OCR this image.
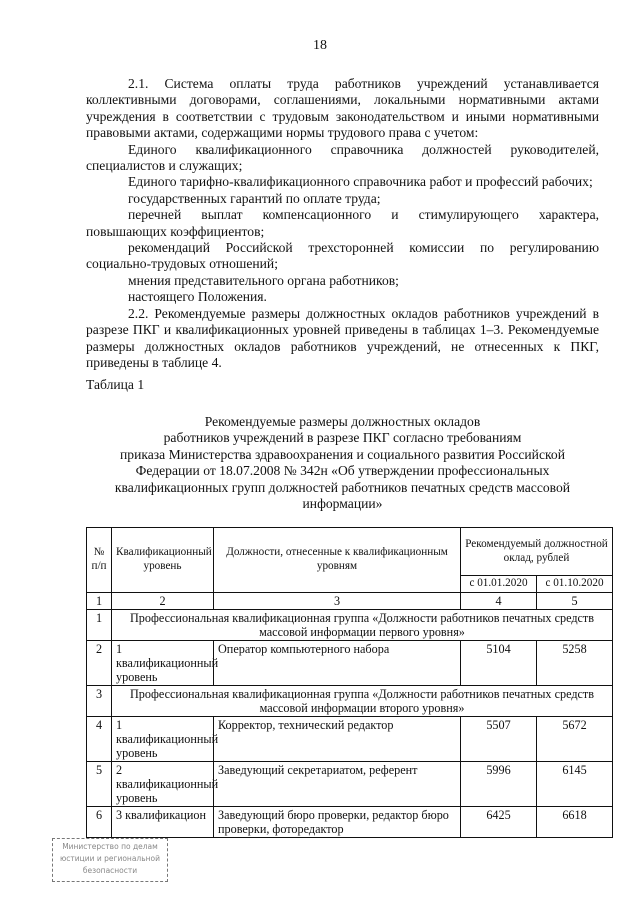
18

2.1. Система оплаты труда работников учреждений устанавливается коллективными договорами, соглашениями, локальными нормативными актами учреждения в соответствии с трудовым законодательством и иными нормативными правовыми актами, содержащими нормы трудового права с учетом:

Единого квалификационного справочника должностей руководителей, специалистов и служащих;

Единого тарифно-квалификационного справочника работ и профессий рабочих;

государственных гарантий по оплате труда;

перечней выплат компенсационного и стимулирующего характера, повышающих коэффициентов;

рекомендаций Российской трехсторонней комиссии по регулированию социально-трудовых отношений;

мнения представительного органа работников;

настоящего Положения.

2.2. Рекомендуемые размеры должностных окладов работников учреждений в разрезе ПКГ и квалификационных уровней приведены в таблицах 1–3. Рекомендуемые размеры должностных окладов работников учреждений, не отнесенных к ПКГ, приведены в таблице 4.

Таблица 1

Рекомендуемые размеры должностных окладов
работников учреждений в разрезе ПКГ согласно требованиям
приказа Министерства здравоохранения и социального развития Российской
Федерации от 18.07.2008 № 342н «Об утверждении профессиональных
квалификационных групп должностей работников печатных средств массовой
информации»
№ п/п	Квалификационный уровень	Должности, отнесенные к квалификационным уровням	Рекомендуемый должностной оклад, рублей	
			с 01.01.2020	с 01.10.2020
1	2	3	4	5
1	Профессиональная квалификационная группа «Должности работников печатных средств массовой информации первого уровня»			
2	1 квалификационный уровень	Оператор компьютерного набора	5104	5258
3	Профессиональная квалификационная группа «Должности работников печатных средств массовой информации второго уровня»			
4	1 квалификационный уровень	Корректор, технический редактор	5507	5672
5	2 квалификационный уровень	Заведующий секретариатом, референт	5996	6145
6	3 квалификацион	Заведующий бюро проверки, редактор бюро проверки, фоторедактор	6425	6618
Министерство по делам
юстиции и региональной
безопасности
